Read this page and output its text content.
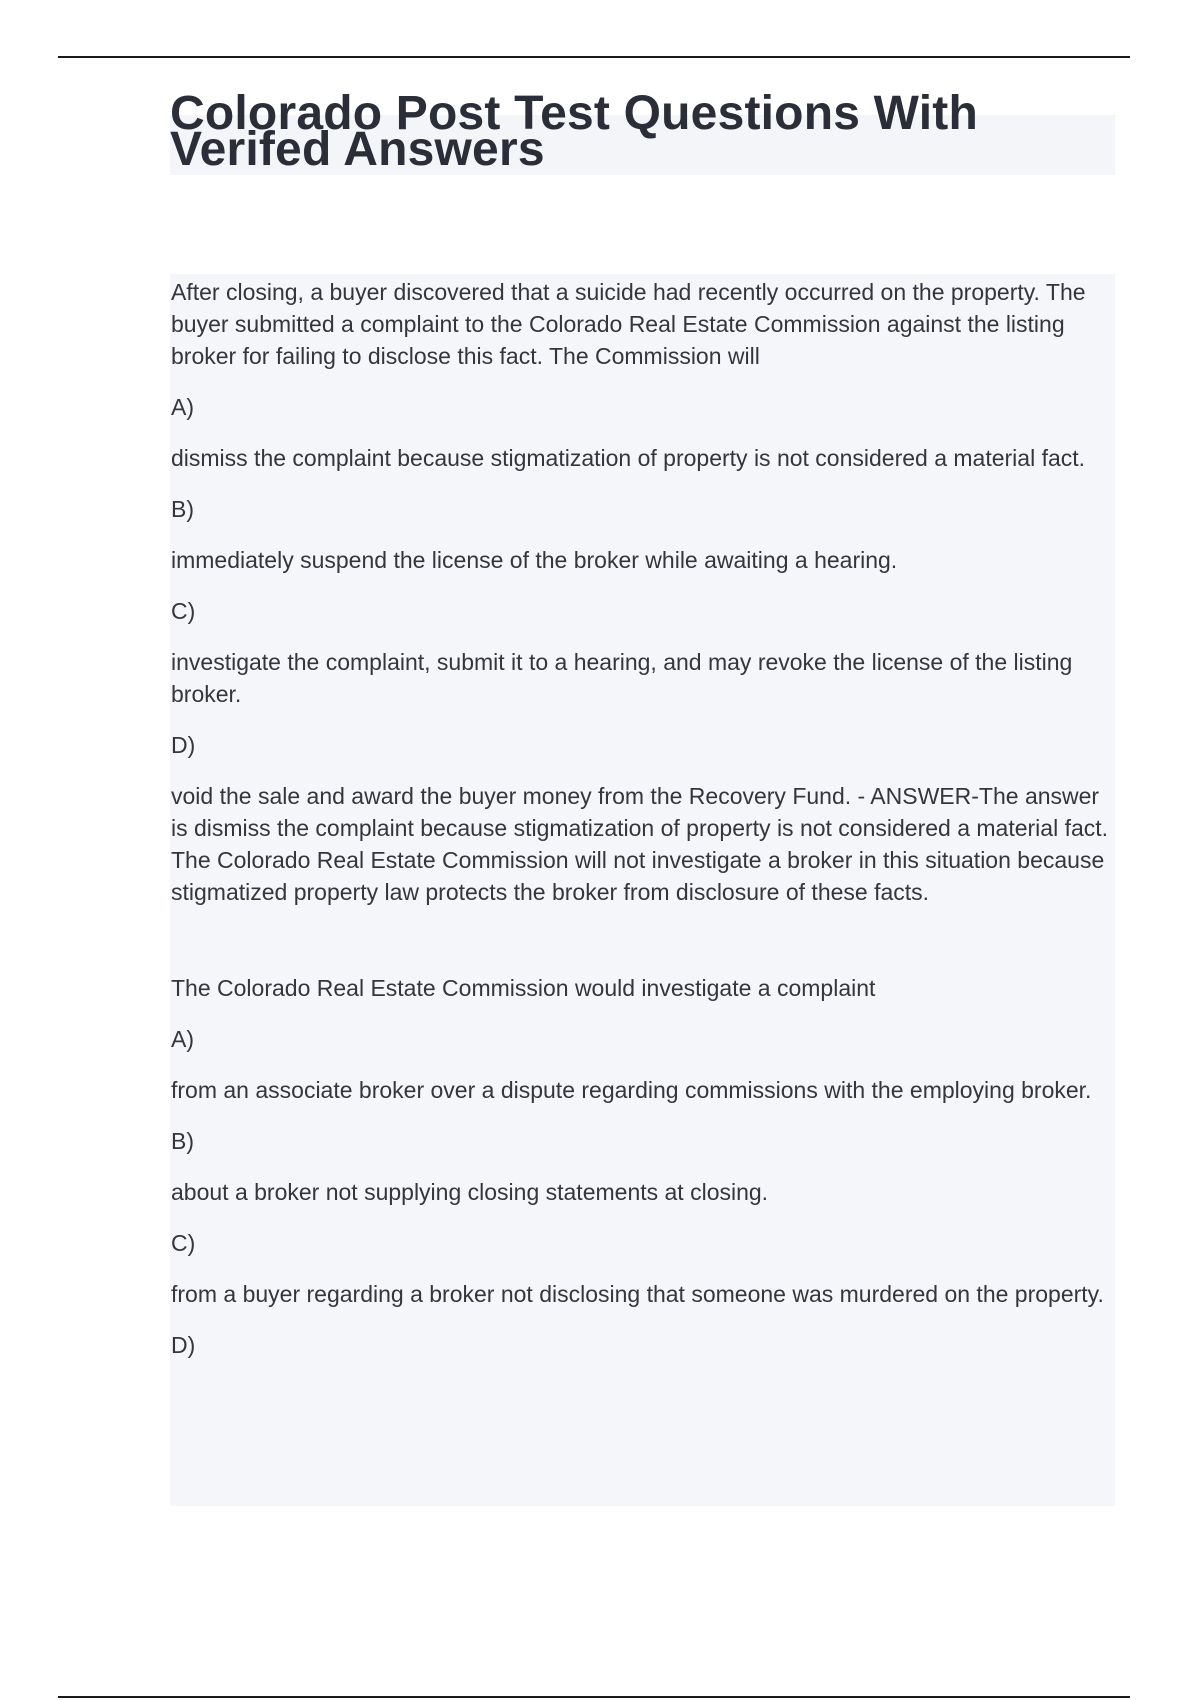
Colorado Post Test Questions With Verifed Answers

After closing, a buyer discovered that a suicide had recently occurred on the property. The buyer submitted a complaint to the Colorado Real Estate Commission against the listing broker for failing to disclose this fact. The Commission will

A)

dismiss the complaint because stigmatization of property is not considered a material fact.

B)

immediately suspend the license of the broker while awaiting a hearing.

C)

investigate the complaint, submit it to a hearing, and may revoke the license of the listing broker.

D)

void the sale and award the buyer money from the Recovery Fund. - ANSWER-The answer is dismiss the complaint because stigmatization of property is not considered a material fact. The Colorado Real Estate Commission will not investigate a broker in this situation because stigmatized property law protects the broker from disclosure of these facts.

The Colorado Real Estate Commission would investigate a complaint

A)

from an associate broker over a dispute regarding commissions with the employing broker.

B)

about a broker not supplying closing statements at closing.

C)

from a buyer regarding a broker not disclosing that someone was murdered on the property.

D)
